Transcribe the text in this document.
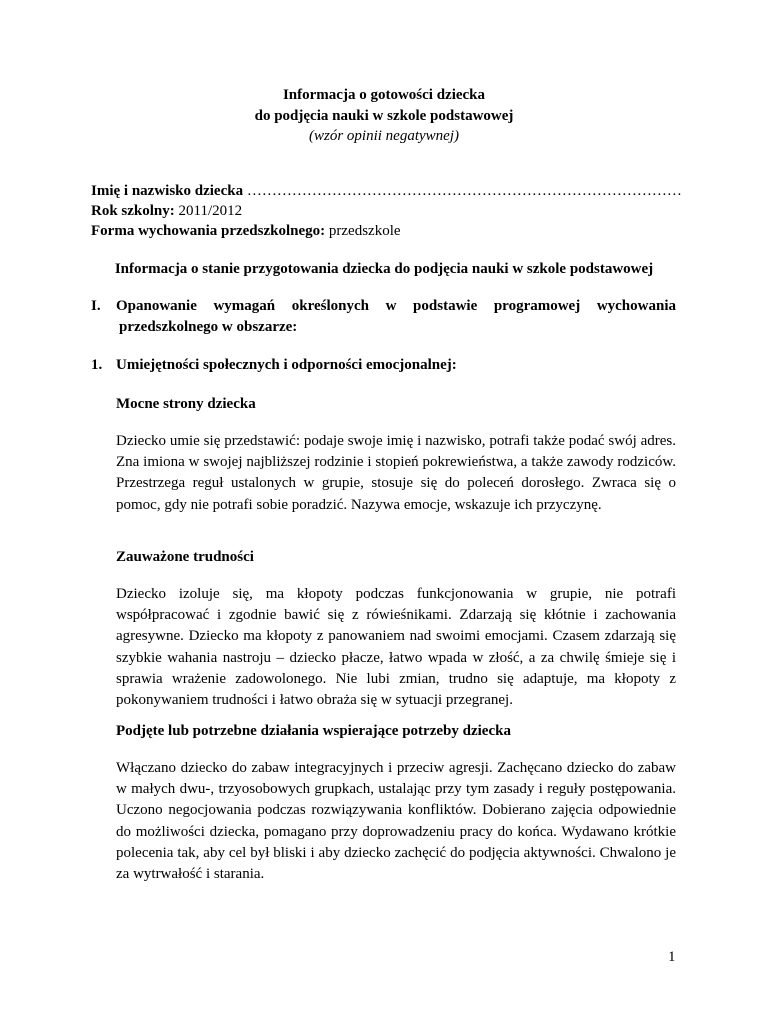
Informacja o gotowości dziecka
do podjęcia nauki w szkole podstawowej
(wzór opinii negatywnej)
Imię i nazwisko dziecka ……………………………………………………………………………
Rok szkolny: 2011/2012
Forma wychowania przedszkolnego: przedszkole
Informacja o stanie przygotowania dziecka do podjęcia nauki w szkole podstawowej
I. Opanowanie wymagań określonych w podstawie programowej wychowania
przedszkolnego w obszarze:
1. Umiejętności społecznych i odporności emocjonalnej:
Mocne strony dziecka

Dziecko umie się przedstawić: podaje swoje imię i nazwisko, potrafi także podać swój adres. Zna imiona w swojej najbliższej rodzinie i stopień pokrewieństwa, a także zawody rodziców. Przestrzega reguł ustalonych w grupie, stosuje się do poleceń dorosłego. Zwraca się o pomoc, gdy nie potrafi sobie poradzić. Nazywa emocje, wskazuje ich przyczynę.

Zauważone trudności

Dziecko izoluje się, ma kłopoty podczas funkcjonowania w grupie, nie potrafi współpracować i zgodnie bawić się z rówieśnikami. Zdarzają się kłótnie i zachowania agresywne. Dziecko ma kłopoty z panowaniem nad swoimi emocjami. Czasem zdarzają się szybkie wahania nastroju – dziecko płacze, łatwo wpada w złość, a za chwilę śmieje się i sprawia wrażenie zadowolonego. Nie lubi zmian, trudno się adaptuje, ma kłopoty z pokonywaniem trudności i łatwo obraża się w sytuacji przegranej.

Podjęte lub potrzebne działania wspierające potrzeby dziecka

Włączano dziecko do zabaw integracyjnych i przeciw agresji. Zachęcano dziecko do zabaw w małych dwu-, trzyosobowych grupkach, ustalając przy tym zasady i reguły postępowania. Uczono negocjowania podczas rozwiązywania konfliktów. Dobierano zajęcia odpowiednie do możliwości dziecka, pomagano przy doprowadzeniu pracy do końca. Wydawano krótkie polecenia tak, aby cel był bliski i aby dziecko zachęcić do podjęcia aktywności. Chwalono je za wytrwałość i starania.

1
